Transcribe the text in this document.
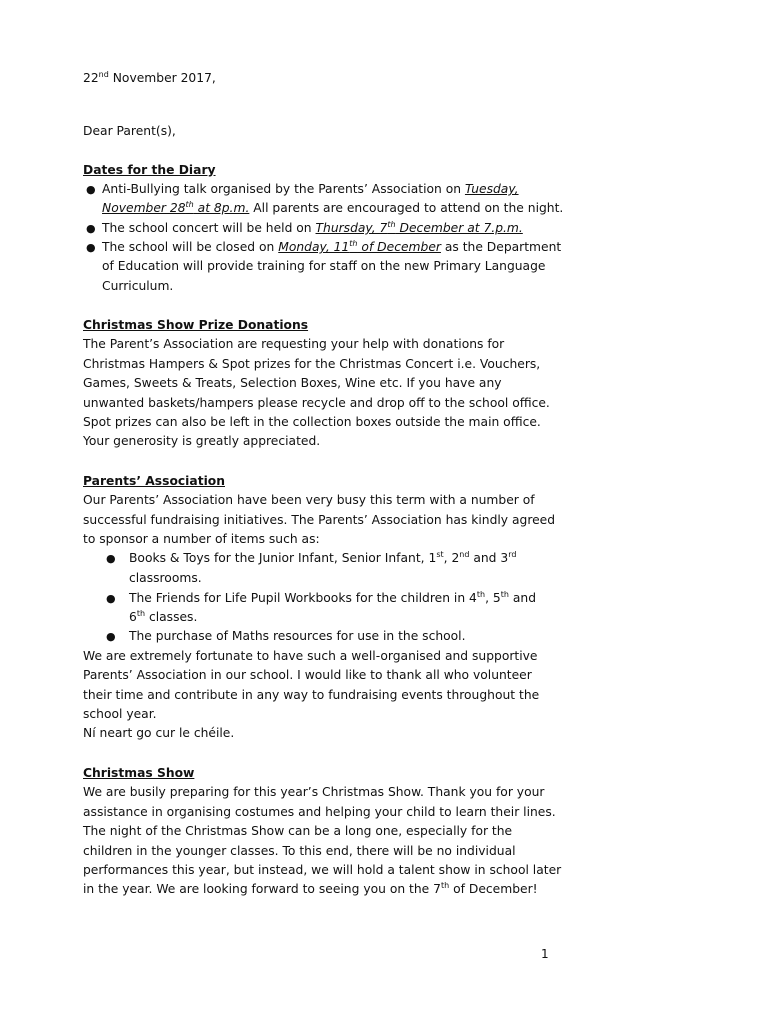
22nd November 2017,
Dear Parent(s),
Dates for the Diary
● Anti-Bullying talk organised by the Parents’ Association on Tuesday,
November 28th at 8p.m. All parents are encouraged to attend on the night.
● The school concert will be held on Thursday, 7th December at 7.p.m.
● The school will be closed on Monday, 11th of December as the Department
of Education will provide training for staff on the new Primary Language
Curriculum.
Christmas Show Prize Donations
The Parent’s Association are requesting your help with donations for
Christmas Hampers & Spot prizes for the Christmas Concert i.e. Vouchers,
Games, Sweets & Treats, Selection Boxes, Wine etc. If you have any
unwanted baskets/hampers please recycle and drop off to the school office.
Spot prizes can also be left in the collection boxes outside the main office.
Your generosity is greatly appreciated.
Parents’ Association
Our Parents’ Association have been very busy this term with a number of
successful fundraising initiatives. The Parents’ Association has kindly agreed
to sponsor a number of items such as:
● Books & Toys for the Junior Infant, Senior Infant, 1st, 2nd and 3rd
classrooms.
● The Friends for Life Pupil Workbooks for the children in 4th, 5th and
6th classes.
● The purchase of Maths resources for use in the school.
We are extremely fortunate to have such a well-organised and supportive
Parents’ Association in our school. I would like to thank all who volunteer
their time and contribute in any way to fundraising events throughout the
school year.
Ní neart go cur le chéile.
Christmas Show
We are busily preparing for this year’s Christmas Show. Thank you for your
assistance in organising costumes and helping your child to learn their lines.
The night of the Christmas Show can be a long one, especially for the
children in the younger classes. To this end, there will be no individual
performances this year, but instead, we will hold a talent show in school later
in the year. We are looking forward to seeing you on the 7th of December!
1
